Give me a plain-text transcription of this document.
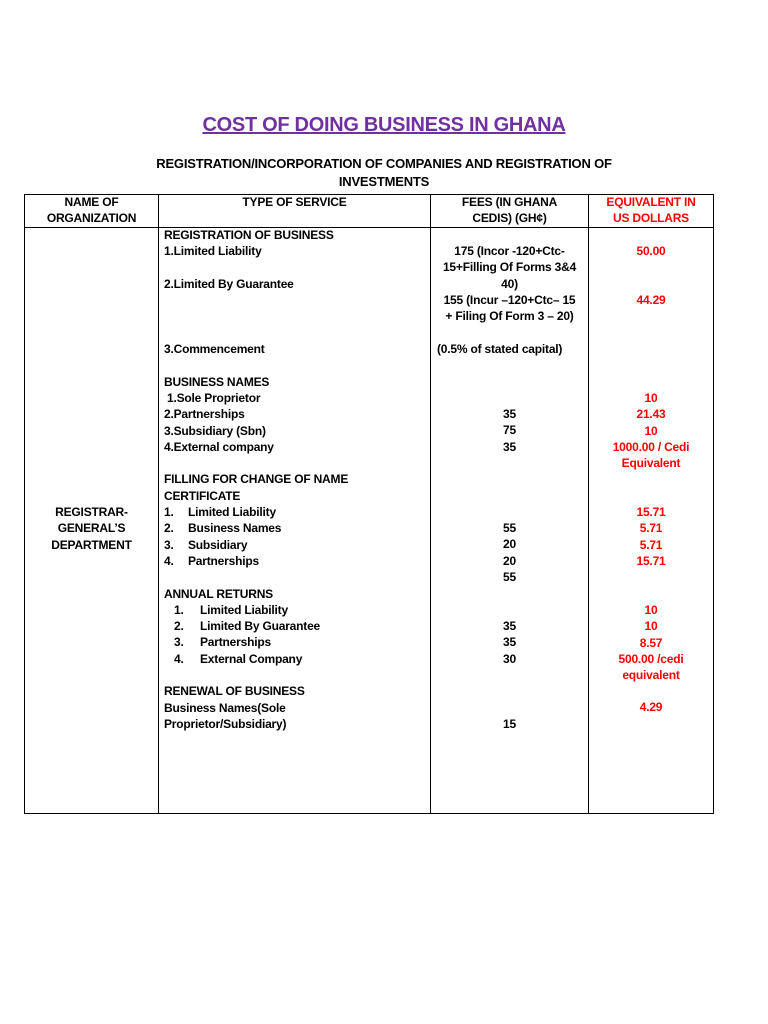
COST OF DOING BUSINESS IN GHANA
REGISTRATION/INCORPORATION OF COMPANIES AND REGISTRATION OF
INVESTMENTS
NAME OF
ORGANIZATION
TYPE OF SERVICE	FEES (IN GHANA
CEDIS) (GH¢)
EQUIVALENT IN
US DOLLARS
REGISTRAR-
GENERAL’S
DEPARTMENT
REGISTRATION OF BUSINESS
1.Limited Liability
2.Limited By Guarantee
3.Commencement
BUSINESS NAMES
1.Sole Proprietor
2.Partnerships
3.Subsidiary (Sbn)
4.External company
FILLING FOR CHANGE OF NAME
CERTIFICATE
1. Limited Liability
2. Business Names
3. Subsidiary
4. Partnerships
ANNUAL RETURNS
1. Limited Liability
2. Limited By Guarantee
3. Partnerships
4. External Company
RENEWAL OF BUSINESS
Business Names(Sole
Proprietor/Subsidiary)
175 (Incor -120+Ctc-
15+Filling Of Forms 3&4
40)
155 (Incur –120+Ctc– 15
+ Filing Of Form 3 – 20)
(0.5% of stated capital)
35
75
35
55
20
20
55
35
35
30
15
50.00
44.29
10
21.43
10
1000.00 / Cedi
Equivalent
15.71
5.71
5.71
15.71
10
10
8.57
500.00 /cedi
equivalent
4.29
